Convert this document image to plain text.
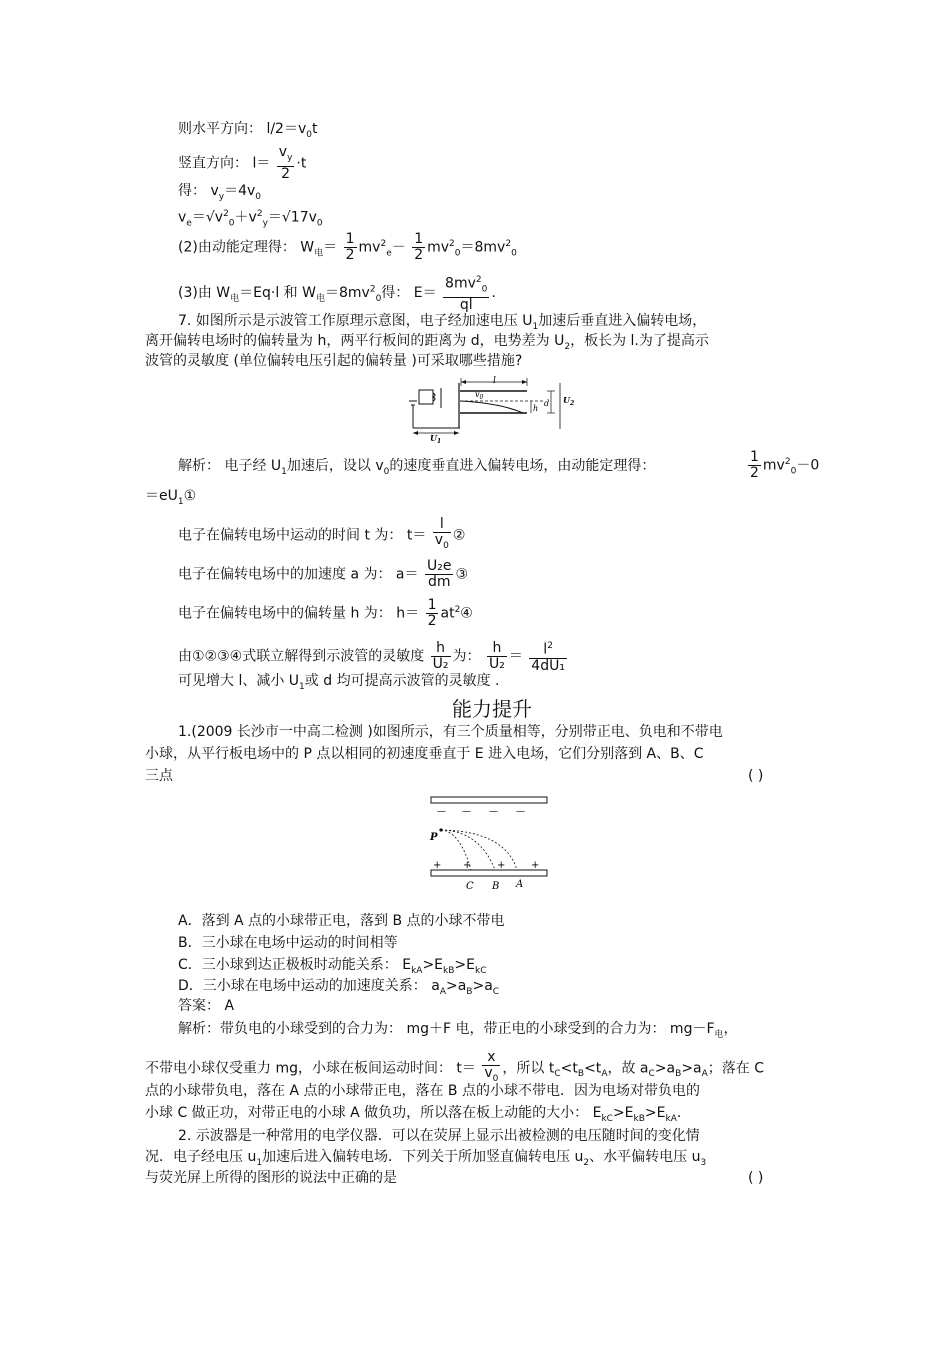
则水平方向： $l/2=v_0t$
竖直方向： $l= \frac{v_y}{2} \cdot t$
得： $v_y=4v_0$
$v_e=√v^2_0+v^2_y=√17v_0$
(2)由动能定理得： $W_电= \frac{1}{2} mv^2_e- \frac{1}{2} mv^2_0=8mv^2_0$
(3)由 $W_电=Eq\cdot l$ 和 $W_电=8mv^2_0$得： $E= \frac{8mv^2_0}{ql}$ .
7. 如图所示是示波管工作原理示意图，电子经加速电压 $U_1$加速后垂直进入偏转电场，
离开偏转电场时的偏转量为 h，两平行板间的距离为 d，电势差为 $U_2$，板长为 l.为了提高示
波管的灵敏度 (单位偏转电压引起的偏转量 )可采取哪些措施?
l
$v_0$
h
d $U_2$
$U_1$
解析： 电子经 $U_1$加速后，设以 $v_0$的速度垂直进入偏转电场，由动能定理得：	$\frac{1}{2} mv^2_0-0$
$=eU_1①$
电子在偏转电场中运动的时间 t 为： $t= \frac{l}{v_0}$ ②
电子在偏转电场中的加速度 a 为： $a= \frac{\text{U₂e}}{dm}$ ③
电子在偏转电场中的偏转量 h 为： $h= \frac{1}{2}$ $at^2④$
由①②③④式联立解得到示波管的灵敏度 $\frac{h}{\text{U₂}}$ 为： $\frac{h}{\text{U₂}} = \frac{l^2}{\text{4dU₁}}$
可见增大 l、减小 $U_1$或 d 均可提高示波管的灵敏度 .
能力提升
1.(2009 长沙市一中高二检测 )如图所示，有三个质量相等，分别带正电、负电和不带电
小球，从平行板电场中的 P 点以相同的初速度垂直于 E 进入电场，它们分别落到 A、B、C
三点	( )
— — — —
+ +	+	+
P
C B A
A．落到 A 点的小球带正电，落到 B 点的小球不带电
B．三小球在电场中运动的时间相等
C．三小球到达正极板时动能关系： $E_{kA}>E_{kB}>E_{kC}$
D．三小球在电场中运动的加速度关系： $a_A>a_B>a_C$
答案： A
解析：带负电的小球受到的合力为： mg＋F 电，带正电的小球受到的合力为： $mg-F_电$，
不带电小球仅受重力 mg，小球在板间运动时间： $t= \frac{x}{v_0}$ ，所以 $t_C<t_B<t_A$，故 $a_C>a_B>a_A$；落在 C
点的小球带负电，落在 A 点的小球带正电，落在 B 点的小球不带电．因为电场对带负电的
小球 C 做正功，对带正电的小球 A 做负功，所以落在板上动能的大小： $E_{kC}>E_{kB}>E_{kA}$.
2. 示波器是一种常用的电学仪器．可以在荧屏上显示出被检测的电压随时间的变化情
况．电子经电压 $u_1$加速后进入偏转电场．下列关于所加竖直偏转电压 $u_2$、水平偏转电压 $u_3$
与荧光屏上所得的图形的说法中正确的是	( )
